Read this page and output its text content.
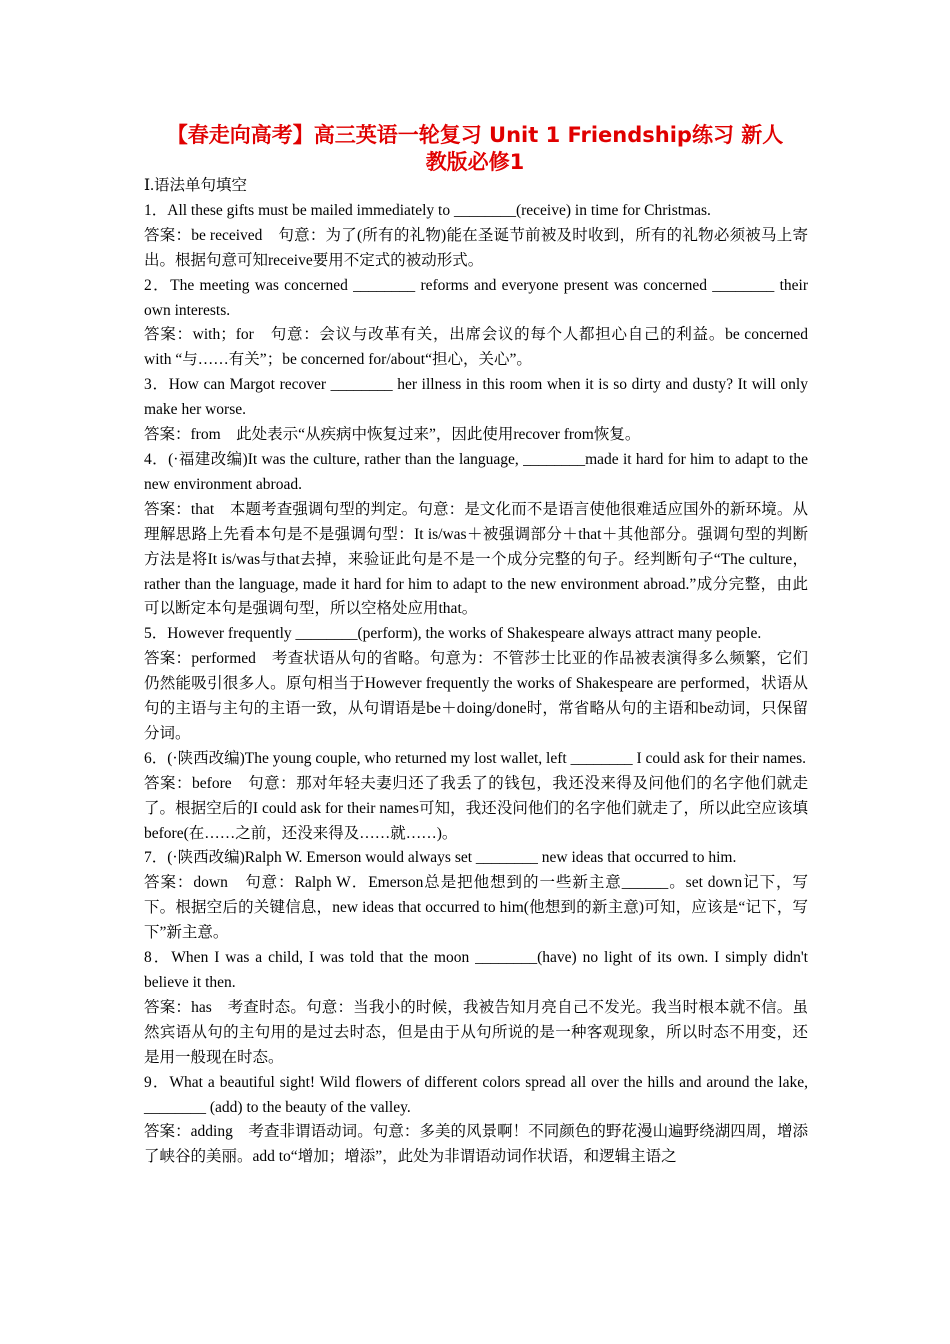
【春走向高考】高三英语一轮复习 Unit 1 Friendship练习 新人
教版必修1

Ⅰ.语法单句填空

1．All these gifts must be mailed immediately to ________(receive) in time for Christmas.

答案：be received　句意：为了(所有的礼物)能在圣诞节前被及时收到，所有的礼物必须被马上寄出。根据句意可知receive要用不定式的被动形式。

2．The meeting was concerned ________ reforms and everyone present was concerned ________ their own interests.

答案：with；for　句意：会议与改革有关，出席会议的每个人都担心自己的利益。be concerned with “与……有关”；be concerned for/about“担心，关心”。

3．How can Margot recover ________ her illness in this room when it is so dirty and dusty? It will only make her worse.

答案：from　此处表示“从疾病中恢复过来”，因此使用recover from恢复。

4．(·福建改编)It was the culture, rather than the language, ________made it hard for him to adapt to the new environment abroad.

答案：that　本题考查强调句型的判定。句意：是文化而不是语言使他很难适应国外的新环境。从理解思路上先看本句是不是强调句型：It is/was＋被强调部分＋that＋其他部分。强调句型的判断方法是将It is/was与that去掉，来验证此句是不是一个成分完整的句子。经判断句子“The culture，rather than the language, made it hard for him to adapt to the new environment abroad.”成分完整，由此可以断定本句是强调句型，所以空格处应用that。

5．However frequently ________(perform), the works of Shakespeare always attract many people.

答案：performed　考查状语从句的省略。句意为：不管莎士比亚的作品被表演得多么频繁，它们仍然能吸引很多人。原句相当于However frequently the works of Shakespeare are performed，状语从句的主语与主句的主语一致，从句谓语是be＋doing/done时，常省略从句的主语和be动词，只保留分词。

6．(·陕西改编)The young couple, who returned my lost wallet, left ________ I could ask for their names.

答案：before　句意：那对年轻夫妻归还了我丢了的钱包，我还没来得及问他们的名字他们就走了。根据空后的I could ask for their names可知，我还没问他们的名字他们就走了，所以此空应该填before(在……之前，还没来得及……就……)。

7．(·陕西改编)Ralph W. Emerson would always set ________ new ideas that occurred to him.

答案：down　句意：Ralph W．Emerson总是把他想到的一些新主意______。set down记下，写下。根据空后的关键信息，new ideas that occurred to him(他想到的新主意)可知，应该是“记下，写下”新主意。

8．When I was a child, I was told that the moon ________(have) no light of its own. I simply didn't believe it then.

答案：has　考查时态。句意：当我小的时候，我被告知月亮自己不发光。我当时根本就不信。虽然宾语从句的主句用的是过去时态，但是由于从句所说的是一种客观现象，所以时态不用变，还是用一般现在时态。

9．What a beautiful sight! Wild flowers of different colors spread all over the hills and around the lake, ________ (add) to the beauty of the valley.

答案：adding　考查非谓语动词。句意：多美的风景啊！不同颜色的野花漫山遍野绕湖四周，增添了峡谷的美丽。add to“增加；增添”，此处为非谓语动词作状语，和逻辑主语之
